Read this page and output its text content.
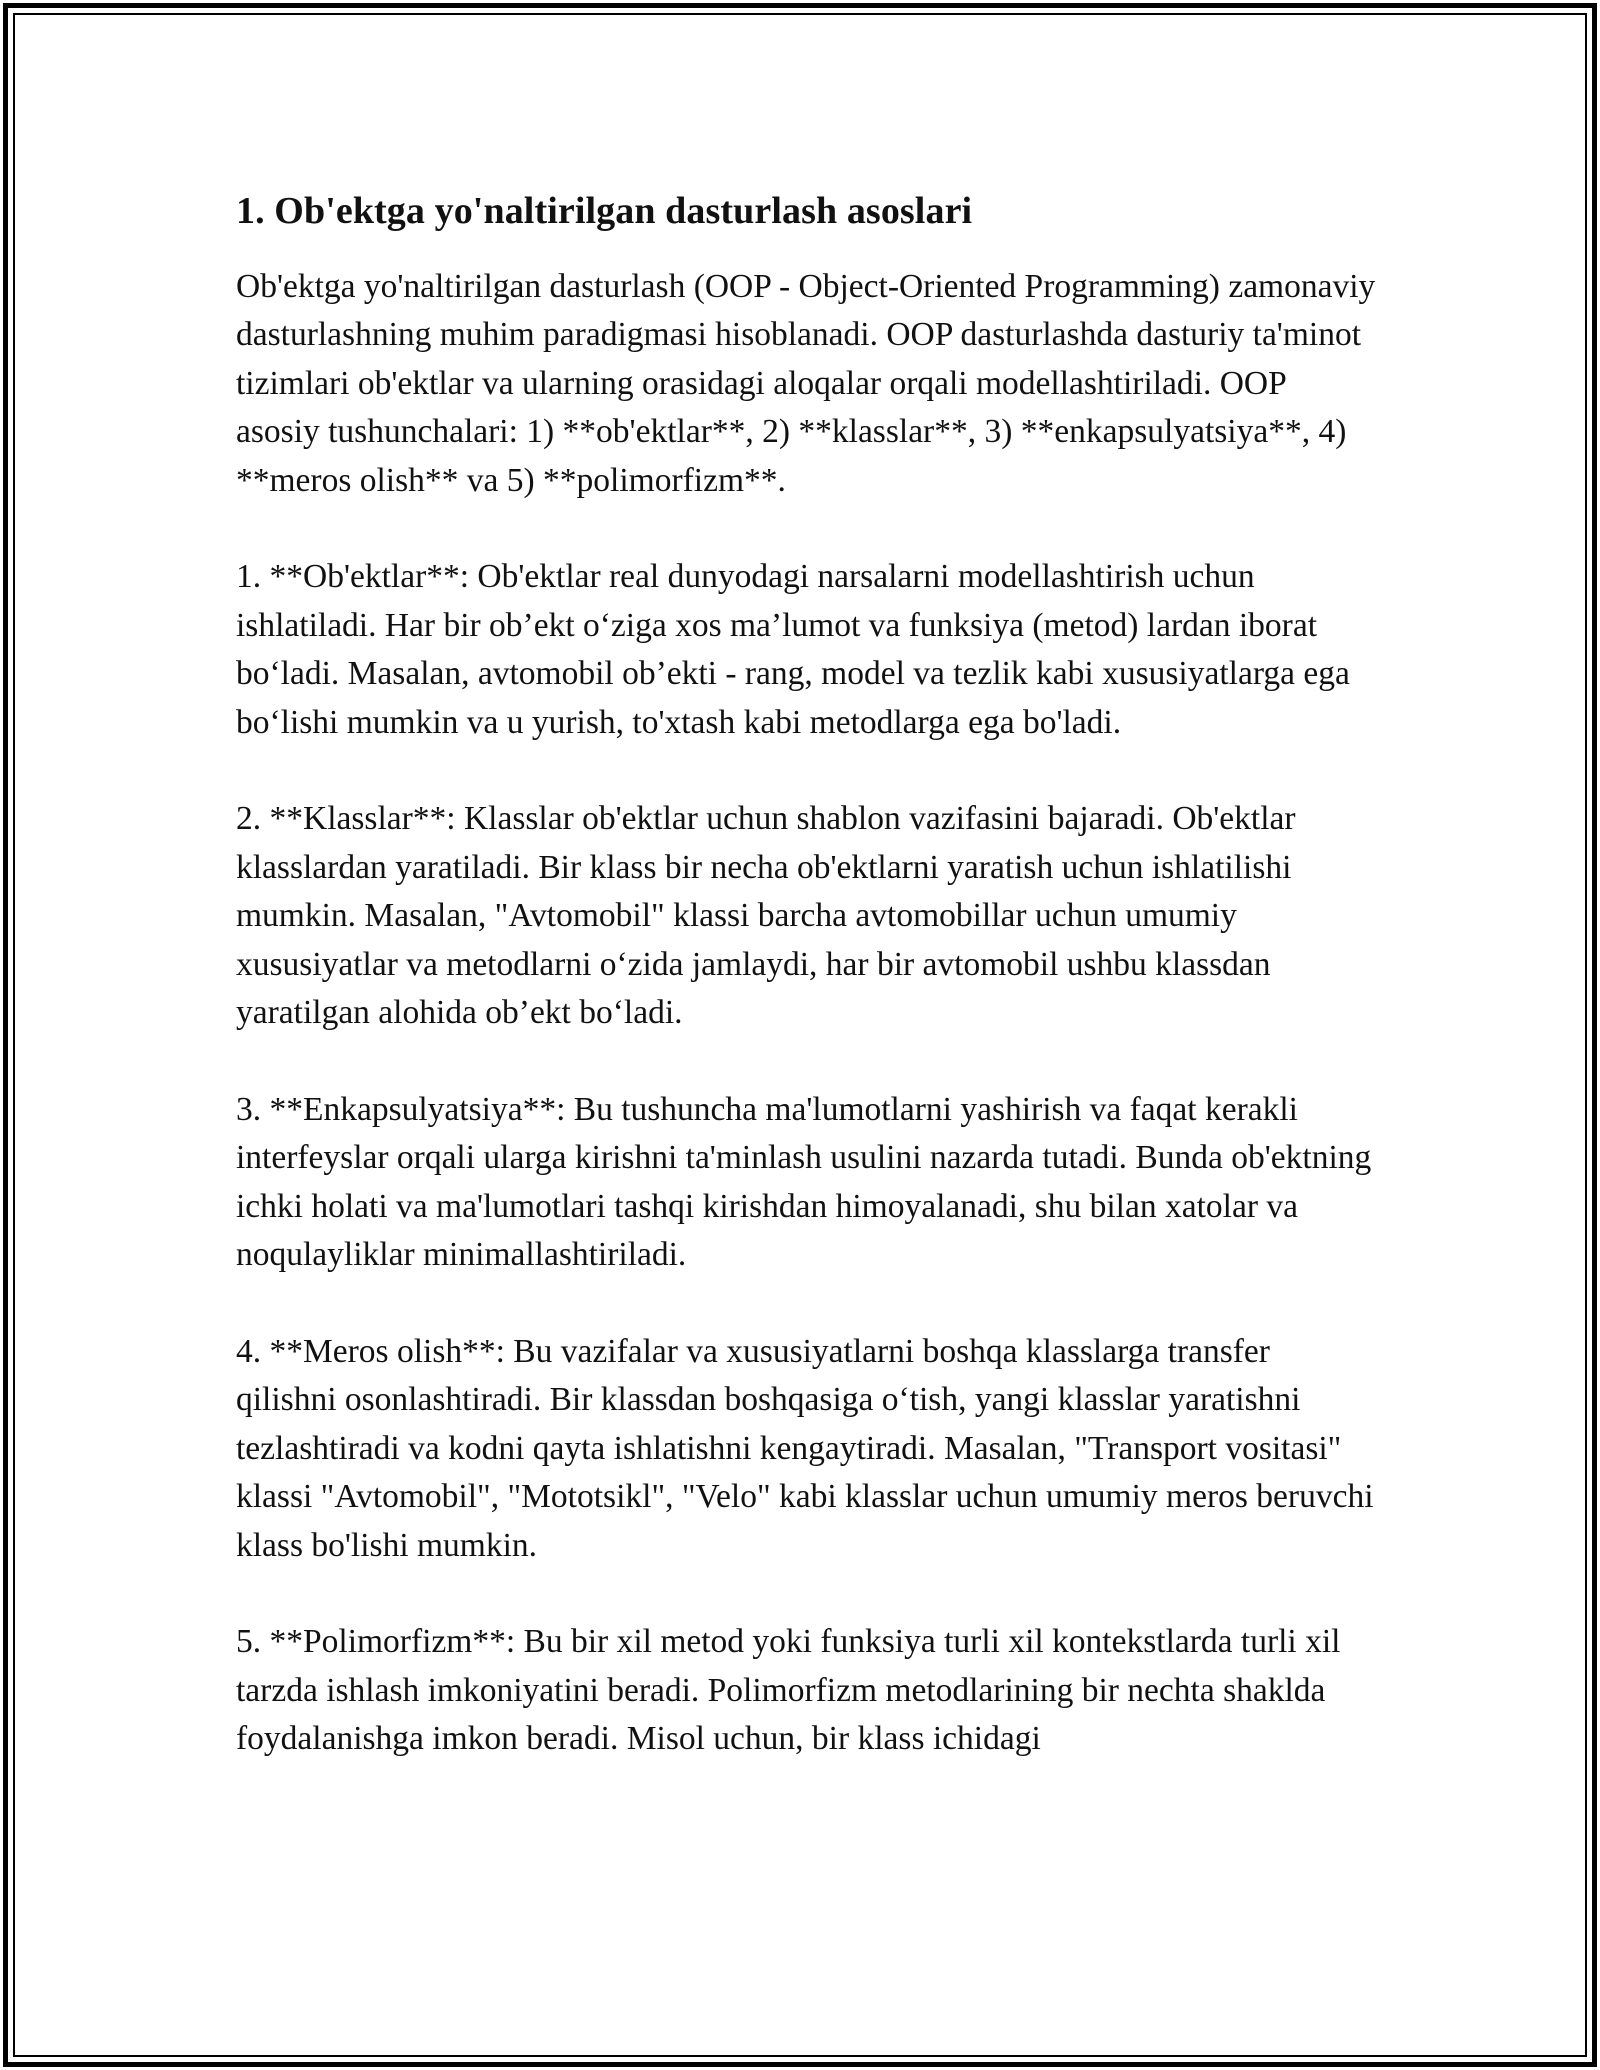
1. Ob'ektga yo'naltirilgan dasturlash asoslari

Ob'ektga yo'naltirilgan dasturlash (OOP - Object-Oriented Programming) zamonaviy dasturlashning muhim paradigmasi hisoblanadi. OOP dasturlashda dasturiy ta'minot tizimlari ob'ektlar va ularning orasidagi aloqalar orqali modellashtiriladi. OOP asosiy tushunchalari: 1) **ob'ektlar**, 2) **klasslar**, 3) **enkapsulyatsiya**, 4) **meros olish** va 5) **polimorfizm**.

1. **Ob'ektlar**: Ob'ektlar real dunyodagi narsalarni modellashtirish uchun ishlatiladi. Har bir ob’ekt o‘ziga xos ma’lumot va funksiya (metod) lardan iborat bo‘ladi. Masalan, avtomobil ob’ekti - rang, model va tezlik kabi xususiyatlarga ega bo‘lishi mumkin va u yurish, to'xtash kabi metodlarga ega bo'ladi.

2. **Klasslar**: Klasslar ob'ektlar uchun shablon vazifasini bajaradi. Ob'ektlar klasslardan yaratiladi. Bir klass bir necha ob'ektlarni yaratish uchun ishlatilishi mumkin. Masalan, "Avtomobil" klassi barcha avtomobillar uchun umumiy xususiyatlar va metodlarni o‘zida jamlaydi, har bir avtomobil ushbu klassdan yaratilgan alohida ob’ekt bo‘ladi.

3. **Enkapsulyatsiya**: Bu tushuncha ma'lumotlarni yashirish va faqat kerakli interfeyslar orqali ularga kirishni ta'minlash usulini nazarda tutadi. Bunda ob'ektning ichki holati va ma'lumotlari tashqi kirishdan himoyalanadi, shu bilan xatolar va noqulayliklar minimallashtiriladi.

4. **Meros olish**: Bu vazifalar va xususiyatlarni boshqa klasslarga transfer qilishni osonlashtiradi. Bir klassdan boshqasiga o‘tish, yangi klasslar yaratishni tezlashtiradi va kodni qayta ishlatishni kengaytiradi. Masalan, "Transport vositasi" klassi "Avtomobil", "Mototsikl", "Velo" kabi klasslar uchun umumiy meros beruvchi klass bo'lishi mumkin.

5. **Polimorfizm**: Bu bir xil metod yoki funksiya turli xil kontekstlarda turli xil tarzda ishlash imkoniyatini beradi. Polimorfizm metodlarining bir nechta shaklda foydalanishga imkon beradi. Misol uchun, bir klass ichidagi
